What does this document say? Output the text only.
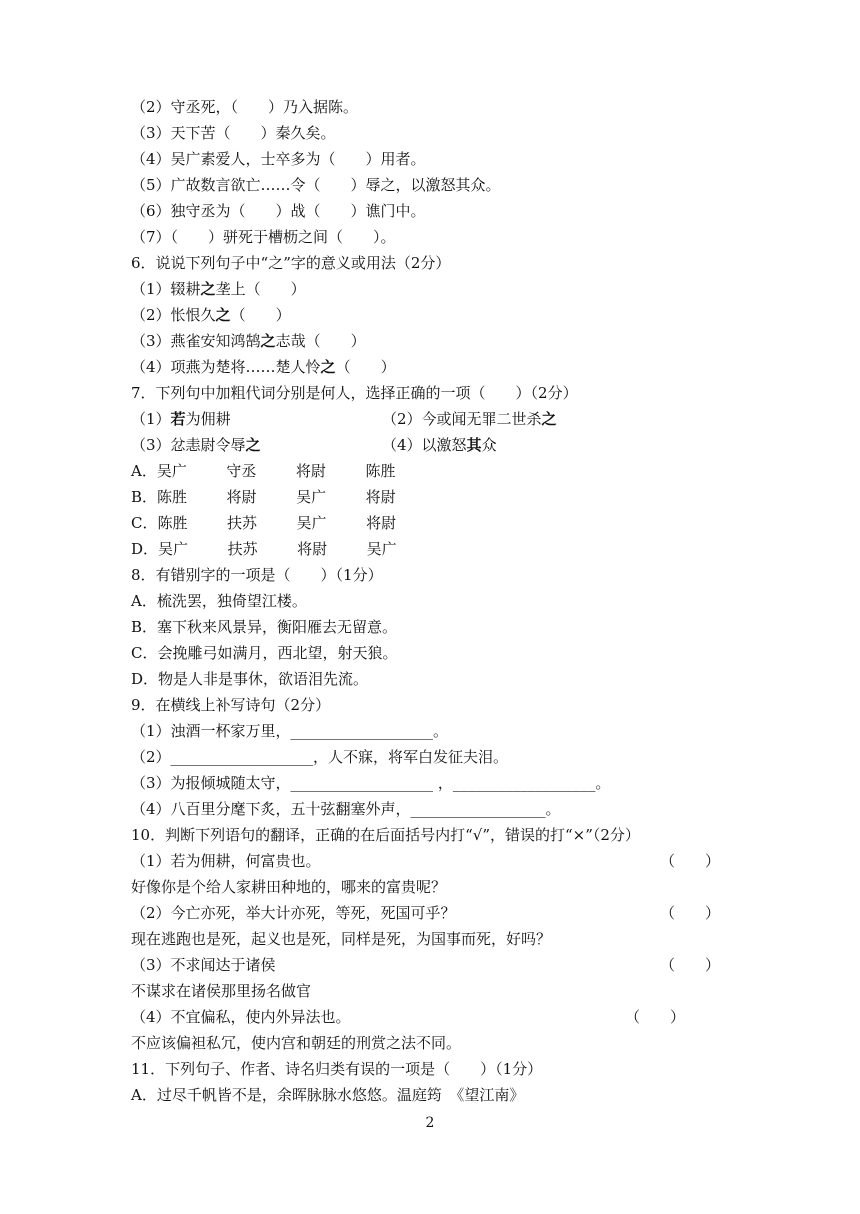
（2）守丞死，（　　）乃入据陈。
（3）天下苦（　　）秦久矣。
（4）吴广素爱人，士卒多为（　　）用者。
（5）广故数言欲亡……令（　　）辱之，以激怒其众。
（6）独守丞为（　　）战（　　）谯门中。
（7）（　　）骈死于槽枥之间（　　）。
6．说说下列句子中“之”字的意义或用法（2分）
（1）辍耕之垄上（　　）
（2）怅恨久之（　　）
（3）燕雀安知鸿鹄之志哉（　　）
（4）项燕为楚将……楚人怜之（　　）
7．下列句中加粗代词分别是何人，选择正确的一项（　　）（2分）
（1）若为佣耕	（2）今或闻无罪二世杀之
（3）忿恚尉令辱之	（4）以激怒其众
A．吴广　　  守丞　　  将尉　　  陈胜
B．陈胜　　  将尉　　  吴广　　  将尉
C．陈胜　　  扶苏　　  吴广　　  将尉
D．吴广　　  扶苏　　  将尉　　  吴广
8．有错别字的一项是（　　）（1分）
A．梳洗罢，独倚望江楼。
B．塞下秋来风景异，衡阳雁去无留意。
C．会挽雕弓如满月，西北望，射天狼。
D．物是人非是事休，欲语泪先流。
9．在横线上补写诗句（2分）
（1）浊酒一杯家万里，___________________。
（2）___________________，人不寐，将军白发征夫泪。
（3）为报倾城随太守，___________________ ，___________________。
（4）八百里分麾下炙，五十弦翻塞外声，__________________。
10．判断下列语句的翻译，正确的在后面括号内打“√”，错误的打“×”（2分）
（1）若为佣耕，何富贵也。	（　　）
好像你是个给人家耕田种地的，哪来的富贵呢？
（2）今亡亦死，举大计亦死，等死，死国可乎？	（　　）
现在逃跑也是死，起义也是死，同样是死，为国事而死，好吗？
（3）不求闻达于诸侯	（　　）
不谋求在诸侯那里扬名做官
（4）不宜偏私，使内外异法也。	（　　）
不应该偏袒私冗，使内宫和朝廷的刑赏之法不同。
11．下列句子、作者、诗名归类有误的一项是（　　）（1分）
A．过尽千帆皆不是，余晖脉脉水悠悠。温庭筠　《望江南》
2
